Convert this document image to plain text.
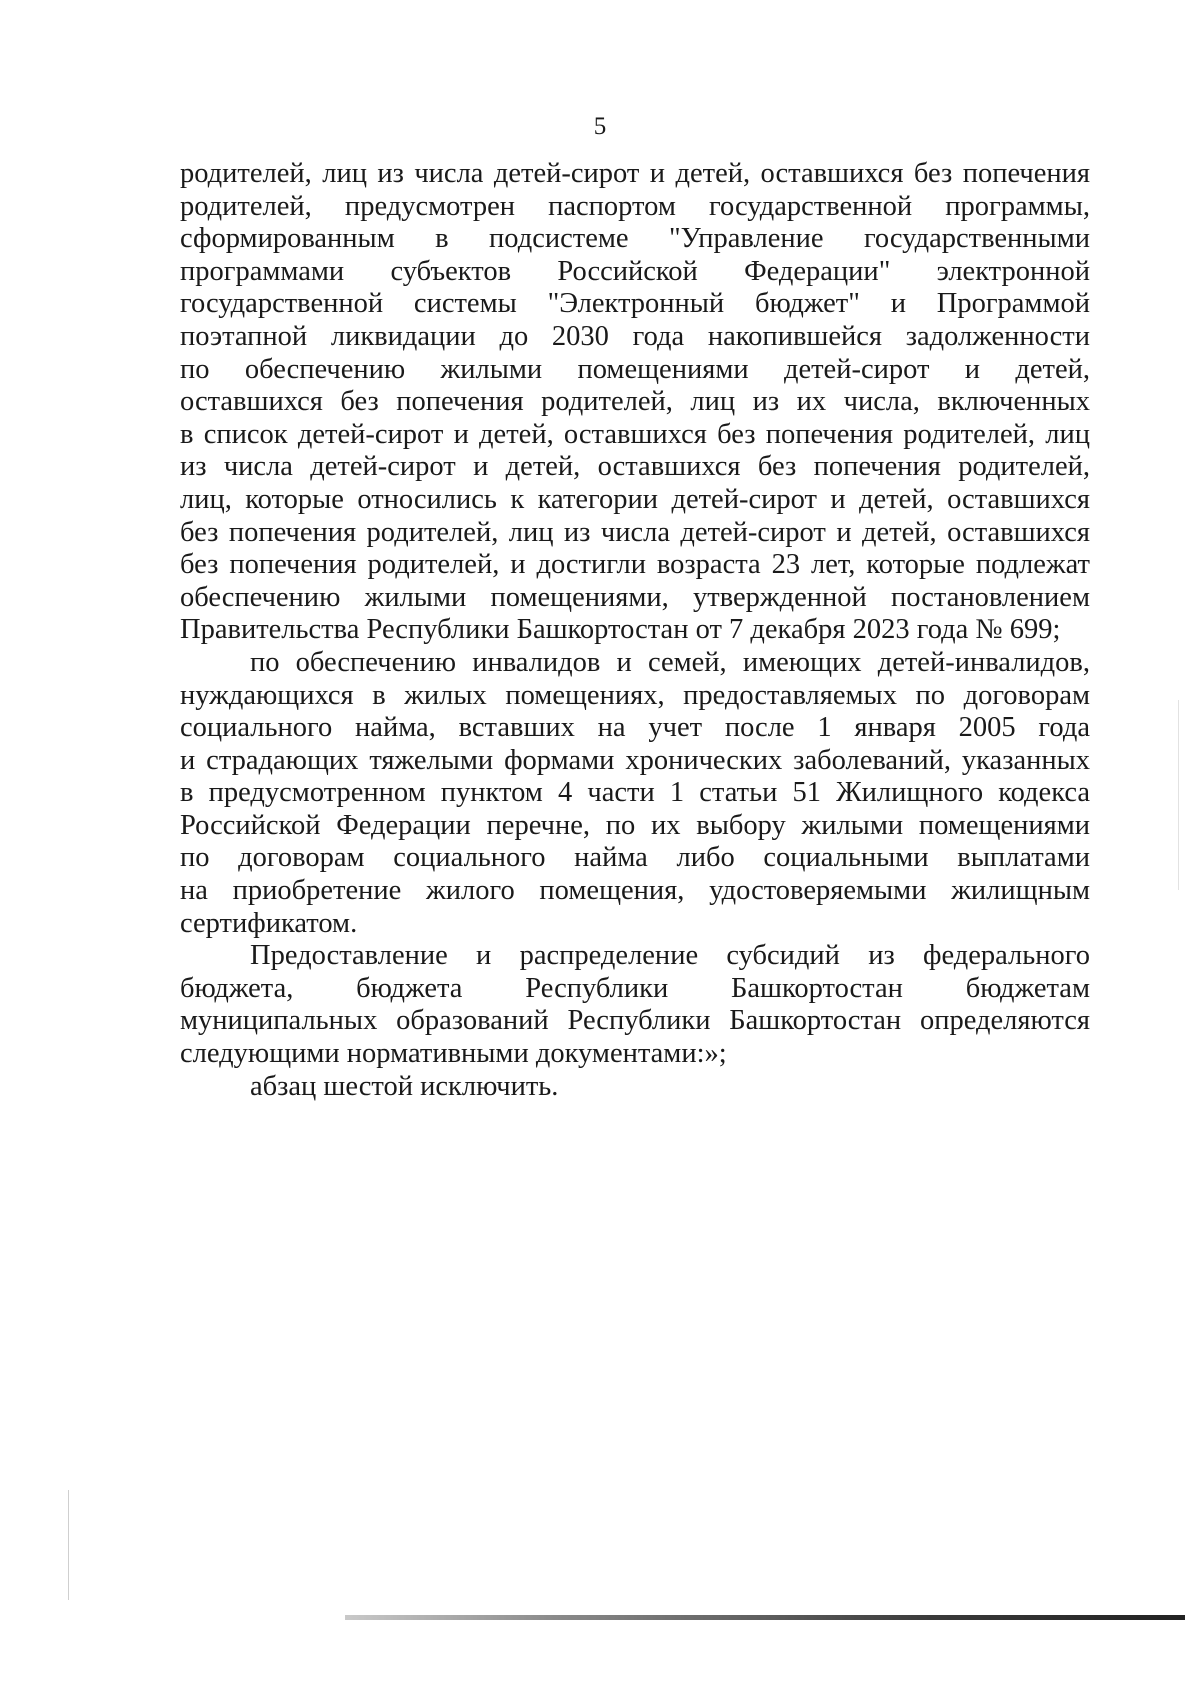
5

родителей, лиц из числа детей-сирот и детей, оставшихся без попечения
родителей, предусмотрен паспортом государственной программы,
сформированным в подсистеме "Управление государственными
программами субъектов Российской Федерации" электронной
государственной системы "Электронный бюджет" и Программой
поэтапной ликвидации до 2030 года накопившейся задолженности
по обеспечению жилыми помещениями детей-сирот и детей,
оставшихся без попечения родителей, лиц из их числа, включенных
в список детей-сирот и детей, оставшихся без попечения родителей, лиц
из числа детей-сирот и детей, оставшихся без попечения родителей,
лиц, которые относились к категории детей-сирот и детей, оставшихся
без попечения родителей, лиц из числа детей-сирот и детей, оставшихся
без попечения родителей, и достигли возраста 23 лет, которые подлежат
обеспечению жилыми помещениями, утвержденной постановлением
Правительства Республики Башкортостан от 7 декабря 2023 года № 699;

по обеспечению инвалидов и семей, имеющих детей-инвалидов,
нуждающихся в жилых помещениях, предоставляемых по договорам
социального найма, вставших на учет после 1 января 2005 года
и страдающих тяжелыми формами хронических заболеваний, указанных
в предусмотренном пунктом 4 части 1 статьи 51 Жилищного кодекса
Российской Федерации перечне, по их выбору жилыми помещениями
по договорам социального найма либо социальными выплатами
на приобретение жилого помещения, удостоверяемыми жилищным
сертификатом.

Предоставление и распределение субсидий из федерального
бюджета, бюджета Республики Башкортостан бюджетам
муниципальных образований Республики Башкортостан определяются
следующими нормативными документами:»;

абзац шестой исключить.
